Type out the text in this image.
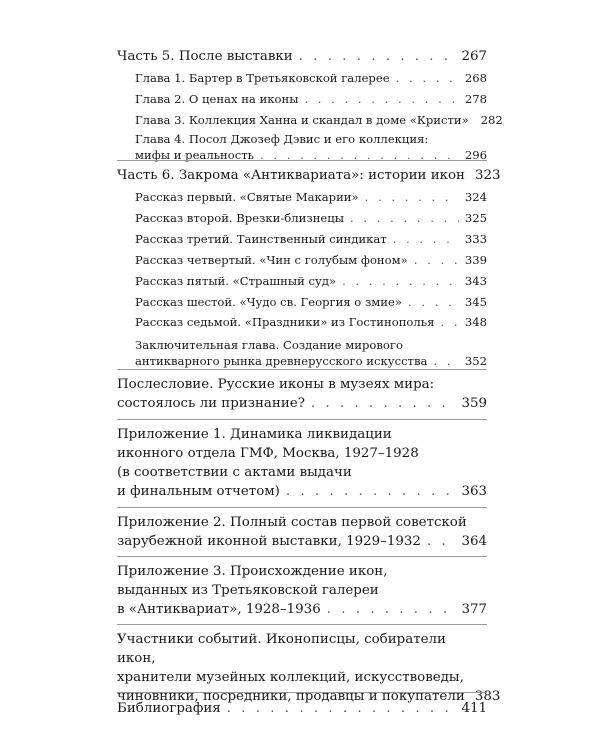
Часть 5. После выставки . . .	267
Глава 1. Бартер в Третьяковской галерее . . .	268
Глава 2. О ценах на иконы . . .	278
Глава 3. Коллекция Ханна и скандал в доме «Кристи» 282
Глава 4. Посол Джозеф Дэвис и его коллекция:
мифы и реальность . . .	296
Часть 6. Закрома «Антиквариата»: истории икон 323
Рассказ первый. «Святые Макарии» . . .	324
Рассказ второй. Врезки-близнецы . . .	325
Рассказ третий. Таинственный синдикат . . .	333
Рассказ четвертый. «Чин с голубым фоном» . . .	339
Рассказ пятый. «Страшный суд» . . .	343
Рассказ шестой. «Чудо св. Георгия о змие» . . .	345
Рассказ седьмой. «Праздники» из Гостинополья . . .	348
Заключительная глава. Создание мирового
антикварного рынка древнерусского искусства . . .	352
Послесловие. Русские иконы в музеях мира:
состоялось ли признание? . . .	359
Приложение 1. Динамика ликвидации
иконного отдела ГМФ, Москва, 1927–1928
(в соответствии с актами выдачи
и финальным отчетом) . . .	363
Приложение 2. Полный состав первой советской
зарубежной иконной выставки, 1929–1932 . . .	364
Приложение 3. Происхождение икон,
выданных из Третьяковской галереи
в «Антиквариат», 1928–1936 . . .	377
Участники событий. Иконописцы, собиратели икон,
хранители музейных коллекций, искусствоведы,
чиновники, посредники, продавцы и покупатели 383
Библиография . . .	411
